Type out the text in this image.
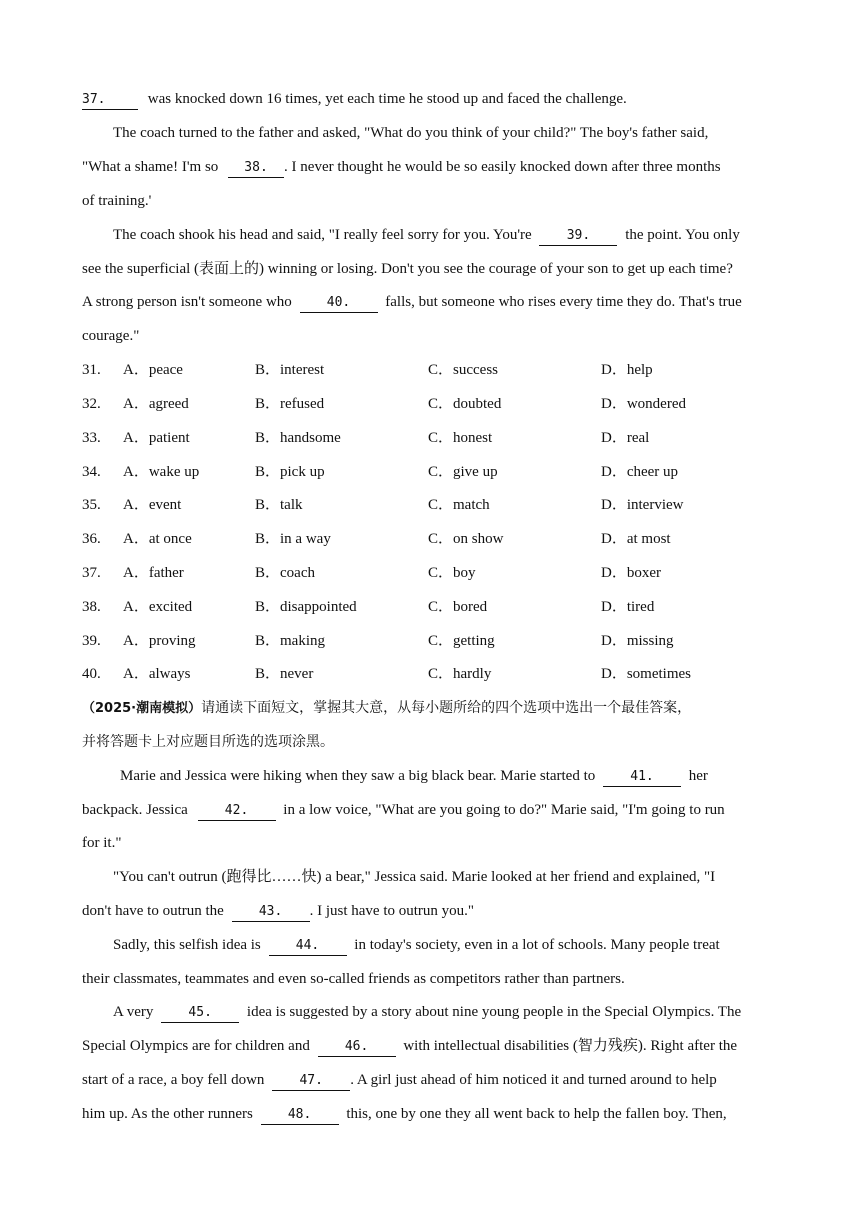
37.	was knocked down 16 times, yet each time he stood up and faced the challenge.
The coach turned to the father and asked, "What do you think of your child?" The boy's father said,
"What a shame! I'm so 38. . I never thought he would be so easily knocked down after three months
of training.'
The coach shook his head and said, "I really feel sorry for you. You're 39. the point. You only
see the superficial (表面上的) winning or losing. Don't you see the courage of your son to get up each time?
A strong person isn't someone who 40. falls, but someone who rises every time they do. That's true
courage."
31. A．peace	B．interest	C．success	D．help
32. A．agreed	B．refused	C．doubted	D．wondered
33. A．patient	B．handsome	C．honest	D．real
34. A．wake up	B．pick up	C．give up	D．cheer up
35. A．event	B．talk	C．match	D．interview
36. A．at once	B．in a way	C．on show	D．at most
37. A．father	B．coach	C．boy	D．boxer
38. A．excited	B．disappointed	C．bored	D．tired
39. A．proving	B．making	C．getting	D．missing
40. A．always	B．never	C．hardly	D．sometimes
（2025·潮南模拟）请通读下面短文，掌握其大意，从每小题所给的四个选项中选出一个最佳答案，
并将答题卡上对应题目所选的选项涂黑。
Marie and Jessica were hiking when they saw a big black bear. Marie started to 41. her
backpack. Jessica	42. in a low voice, "What are you going to do?" Marie said, "I'm going to run
for it."
"You can't outrun (跑得比……快) a bear," Jessica said. Marie looked at her friend and explained, "I
don't have to outrun the 43. . I just have to outrun you."
Sadly, this selfish idea is 44. in today's society, even in a lot of schools. Many people treat
their classmates, teammates and even so-called friends as competitors rather than partners.
A very 45. idea is suggested by a story about nine young people in the Special Olympics. The
Special Olympics are for children and 46. with intellectual disabilities (智力残疾). Right after the
start of a race, a boy fell down 47. . A girl just ahead of him noticed it and turned around to help
him up. As the other runners 48. this, one by one they all went back to help the fallen boy. Then,
